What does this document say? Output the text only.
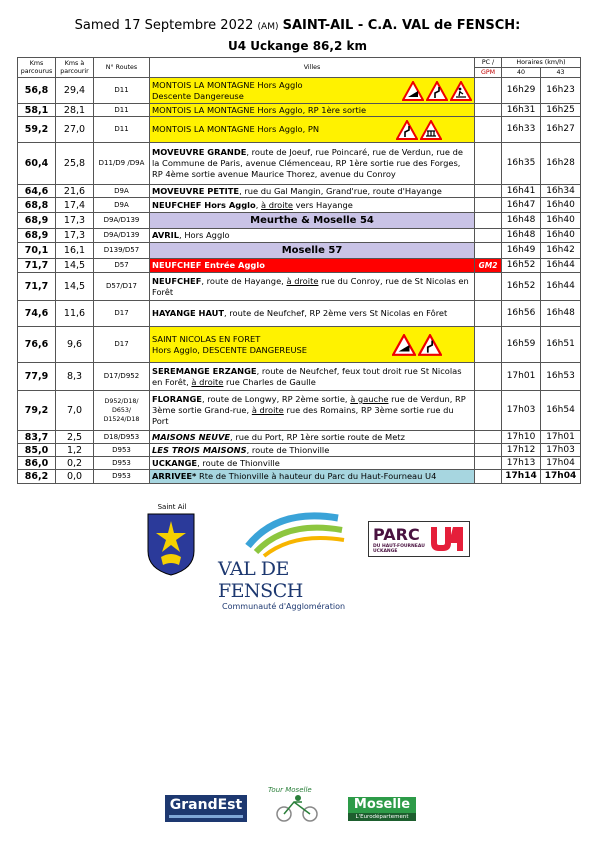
Samed 17 Septembre 2022 (AM) SAINT-AIL - C.A. VAL de FENSCH:
U4 Uckange 86,2 km
Kms parcourus	Kms à parcourir	N° Routes	Villes	PC /	Horaires (km/h)	
				GPM	40	43
56,8	29,4	D11	MONTOIS LA MONTAGNE Hors Agglo
Descente Dangereuse		16h29	16h23
58,1	28,1	D11	MONTOIS LA MONTAGNE Hors Agglo, RP 1ère sortie		16h31	16h25
59,2	27,0	D11	MONTOIS LA MONTAGNE Hors Agglo, PN		16h33	16h27
60,4	25,8	D11/D9 /D9A	MOVEUVRE GRANDE, route de Joeuf, rue Poincaré, rue de Verdun, rue de la Commune de Paris, avenue Clémenceau, RP 1ère sortie rue des Forges, RP 4ème sortie avenue Maurice Thorez, avenue du Conroy		16h35	16h28
64,6	21,6	D9A	MOVEUVRE PETITE, rue du Gal Mangin, Grand'rue, route d'Hayange		16h41	16h34
68,8	17,4	D9A	NEUFCHEF Hors Agglo, à droite vers Hayange		16h47	16h40
68,9	17,3	D9A/D139	Meurthe & Moselle 54		16h48	16h40
68,9	17,3	D9A/D139	AVRIL, Hors Agglo		16h48	16h40
70,1	16,1	D139/D57	Moselle 57		16h49	16h42
71,7	14,5	D57	NEUFCHEF Entrée Agglo	GM2	16h52	16h44
71,7	14,5	D57/D17	NEUFCHEF, route de Hayange, à droite rue du Conroy, rue de St Nicolas en Forêt		16h52	16h44
74,6	11,6	D17	HAYANGE HAUT, route de Neufchef, RP 2ème vers St Nicolas en Fôret		16h56	16h48
76,6	9,6	D17	SAINT NICOLAS EN FORET
Hors Agglo, DESCENTE DANGEREUSE		16h59	16h51
77,9	8,3	D17/D952	SEREMANGE ERZANGE, route de Neufchef, feux tout droit rue St Nicolas en Forêt, à droite rue Charles de Gaulle		17h01	16h53
79,2	7,0	D952/D18/ D653/ D1524/D18	FLORANGE, route de Longwy, RP 2ème sortie, à gauche rue de Verdun, RP 3ème sortie Grand-rue, à droite rue des Romains, RP 3ème sortie rue du Port		17h03	16h54
83,7	2,5	D18/D953	MAISONS NEUVE, rue du Port, RP 1ère sortie route de Metz		17h10	17h01
85,0	1,2	D953	LES TROIS MAISONS, route de Thionville		17h12	17h03
86,0	0,2	D953	UCKANGE, route de Thionville		17h13	17h04
86,2	0,0	D953	ARRIVEE* Rte de Thionville à hauteur du Parc du Haut-Fourneau U4		17h14	17h04
Saint Ail
VAL DE FENSCH
Communauté d'Agglomération
PARC
DU HAUT-FOURNEAU UCKANGE
GrandEst
Tour Moselle
Moselle
L'Eurodépartement
